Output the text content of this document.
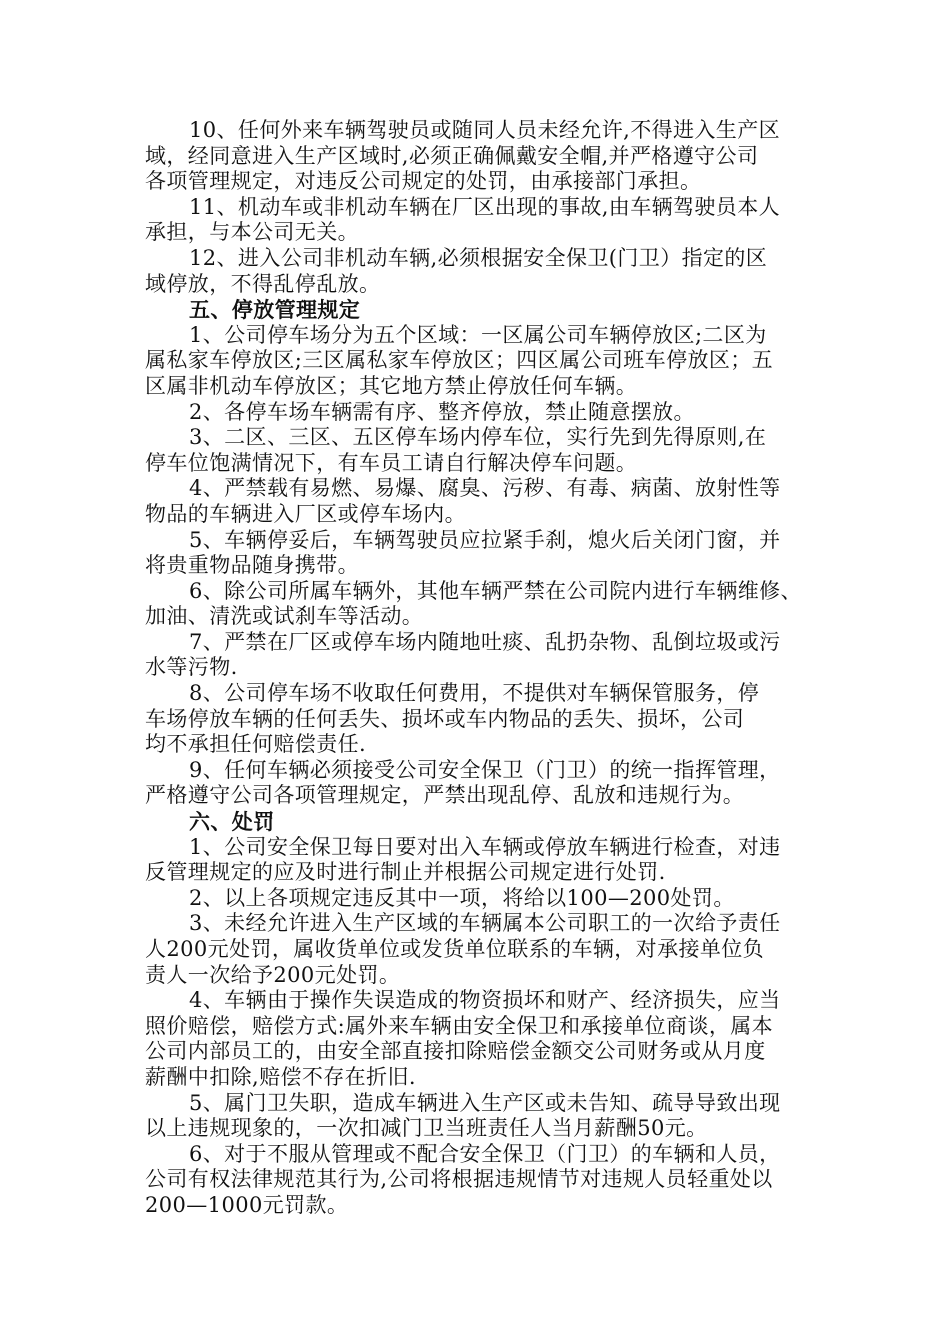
10、任何外来车辆驾驶员或随同人员未经允许,不得进入生产区
域，经同意进入生产区域时,必须正确佩戴安全帽,并严格遵守公司
各项管理规定，对违反公司规定的处罚，由承接部门承担。

11、机动车或非机动车辆在厂区出现的事故,由车辆驾驶员本人
承担，与本公司无关。

12、进入公司非机动车辆,必须根据安全保卫(门卫）指定的区
域停放，不得乱停乱放。

五、停放管理规定

1、公司停车场分为五个区域：一区属公司车辆停放区;二区为
属私家车停放区;三区属私家车停放区；四区属公司班车停放区；五
区属非机动车停放区；其它地方禁止停放任何车辆。

2、各停车场车辆需有序、整齐停放，禁止随意摆放。

3、二区、三区、五区停车场内停车位，实行先到先得原则,在
停车位饱满情况下，有车员工请自行解决停车问题。

4、严禁载有易燃、易爆、腐臭、污秽、有毒、病菌、放射性等
物品的车辆进入厂区或停车场内。

5、车辆停妥后，车辆驾驶员应拉紧手刹，熄火后关闭门窗，并
将贵重物品随身携带。

6、除公司所属车辆外，其他车辆严禁在公司院内进行车辆维修、
加油、清洗或试刹车等活动。

7、严禁在厂区或停车场内随地吐痰、乱扔杂物、乱倒垃圾或污
水等污物.

8、公司停车场不收取任何费用，不提供对车辆保管服务，停
车场停放车辆的任何丢失、损坏或车内物品的丢失、损坏，公司
均不承担任何赔偿责任.

9、任何车辆必须接受公司安全保卫（门卫）的统一指挥管理，
严格遵守公司各项管理规定，严禁出现乱停、乱放和违规行为。

六、处罚

1、公司安全保卫每日要对出入车辆或停放车辆进行检查，对违
反管理规定的应及时进行制止并根据公司规定进行处罚.

2、以上各项规定违反其中一项，将给以100—200处罚。

3、未经允许进入生产区域的车辆属本公司职工的一次给予责任
人200元处罚，属收货单位或发货单位联系的车辆，对承接单位负
责人一次给予200元处罚。

4、车辆由于操作失误造成的物资损坏和财产、经济损失，应当
照价赔偿，赔偿方式:属外来车辆由安全保卫和承接单位商谈，属本
公司内部员工的，由安全部直接扣除赔偿金额交公司财务或从月度
薪酬中扣除,赔偿不存在折旧.

5、属门卫失职，造成车辆进入生产区或未告知、疏导导致出现
以上违规现象的，一次扣减门卫当班责任人当月薪酬50元。

6、对于不服从管理或不配合安全保卫（门卫）的车辆和人员，
公司有权法律规范其行为,公司将根据违规情节对违规人员轻重处以
200—1000元罚款。
